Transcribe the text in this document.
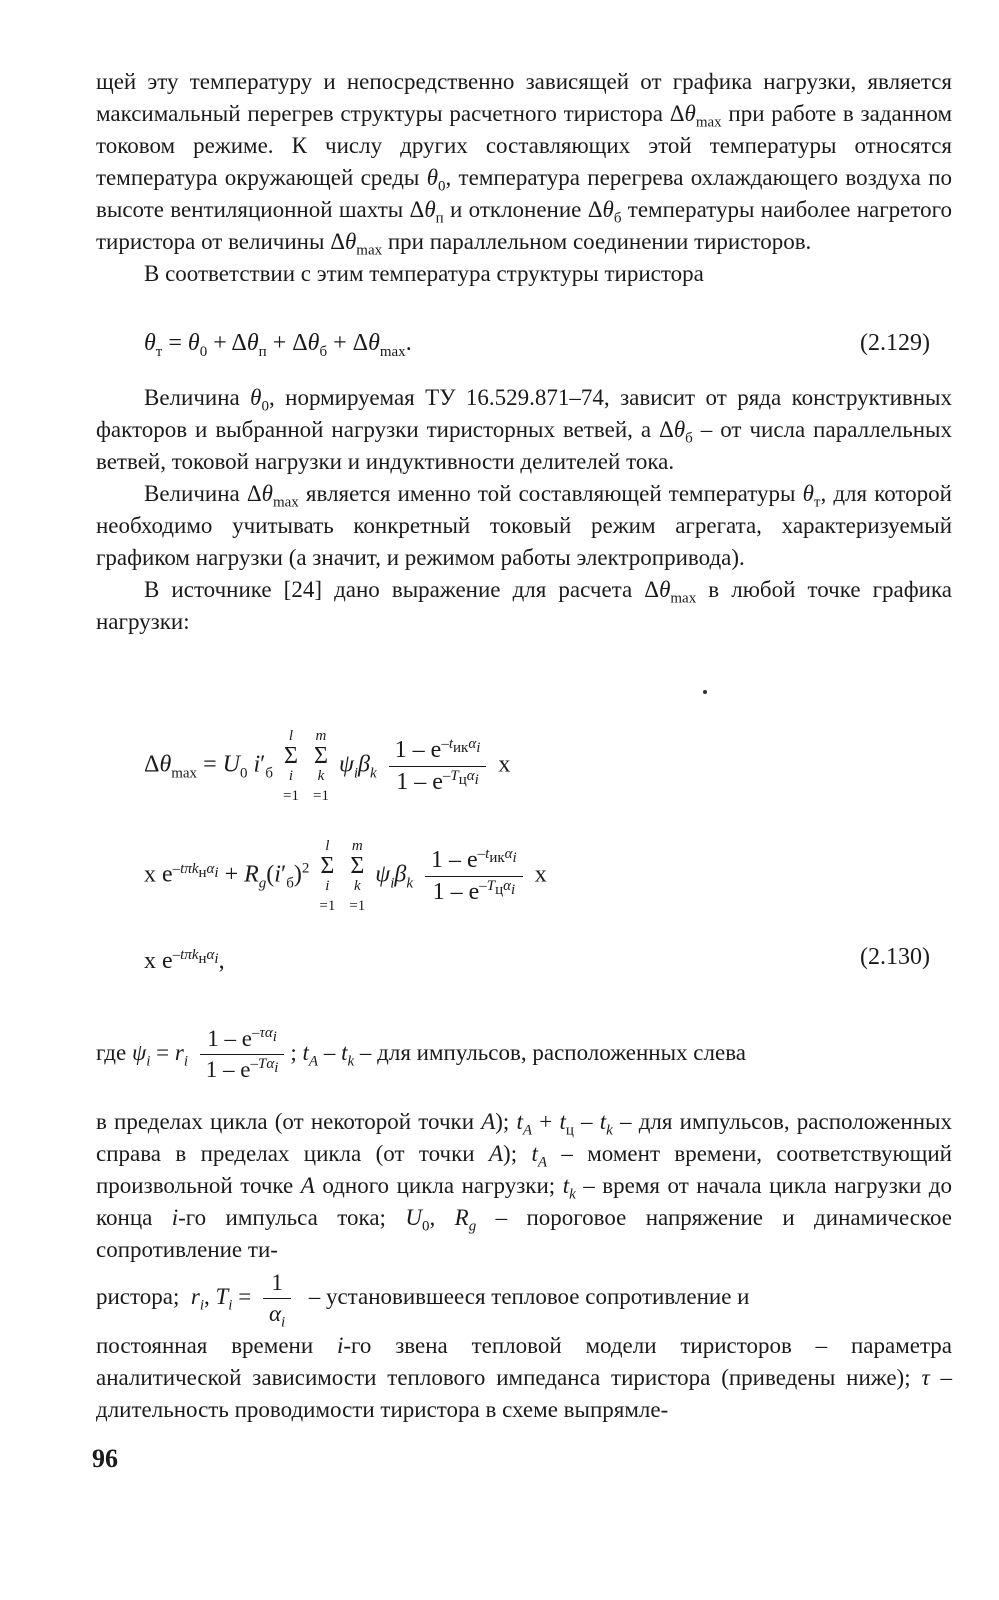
щей эту температуру и непосредственно зависящей от графика нагрузки, является максимальный перегрев структуры расчетного тиристора $\Delta\theta_{max}$ при работе в заданном токовом режиме. К числу других составляющих этой температуры относятся температура окружающей среды $\theta_0$, температура перегрева охлаждающего воздуха по высоте вентиляционной шахты $\Delta\theta_п$ и отклонение $\Delta\theta_б$ температуры наиболее нагретого тиристора от величины $\Delta\theta_{max}$ при параллельном соединении тиристоров.

В соответствии с этим температура структуры тиристора

$\theta_т = \theta_0 + \Delta\theta_п + \Delta\theta_б + \Delta\theta_{max}$.	(2.129)

Величина $\theta_0$, нормируемая ТУ 16.529.871–74, зависит от ряда конструктивных факторов и выбранной нагрузки тиристорных ветвей, а $\Delta\theta_б$ – от числа параллельных ветвей, токовой нагрузки и индуктивности делителей тока.

Величина $\Delta\theta_{max}$ является именно той составляющей температуры $\theta_т$, для которой необходимо учитывать конкретный токовый режим агрегата, характеризуемый графиком нагрузки (а значит, и режимом работы электропривода).

В источнике [24] дано выражение для расчета $\Delta\theta_{max}$ в любой точке графика нагрузки:

$\Delta\theta_{max} = U_0$ $i'_б$
l
Σ
i
=1

m
Σ
k
=1
$\psi_i\beta_k \frac{1 - e^{-t_{ик}\alpha_i}}{1 - e^{-T_ц\alpha_i}}$ x
x $e^{-t\pi k_н\alpha_i} + R_g(i'_б)^2$
l
Σ
i
=1

m
Σ
k
=1
$\psi_i\beta_k \frac{1 - e^{-t_{ик}\alpha_i}}{1 - e^{-T_ц\alpha_i}}$ x
x $e^{-t\pi k_н\alpha_i}$,	(2.130)
где $\psi_i = r_i \frac{1 - e^{-\tau\alpha_i}}{1 - e^{-T\alpha_i}}$ ; $t_A - t_k$ – для импульсов, расположенных слева

в пределах цикла (от некоторой точки A); $t_A + t_ц - t_k$ – для импульсов, расположенных справа в пределах цикла (от точки A); $t_A$ – момент времени, соответствующий произвольной точке A одного цикла нагрузки; $t_k$ – время от начала цикла нагрузки до конца i-го импульса тока; $U_0$, $R_g$ – пороговое напряжение и динамическое сопротивление ти-

ристора; $r_i$, $T_i = \frac{1}{\alpha_i}$ – установившееся тепловое сопротивление и

постоянная времени i-го звена тепловой модели тиристоров – параметра аналитической зависимости теплового импеданса тиристора (приведены ниже); τ – длительность проводимости тиристора в схеме выпрямле-

96
